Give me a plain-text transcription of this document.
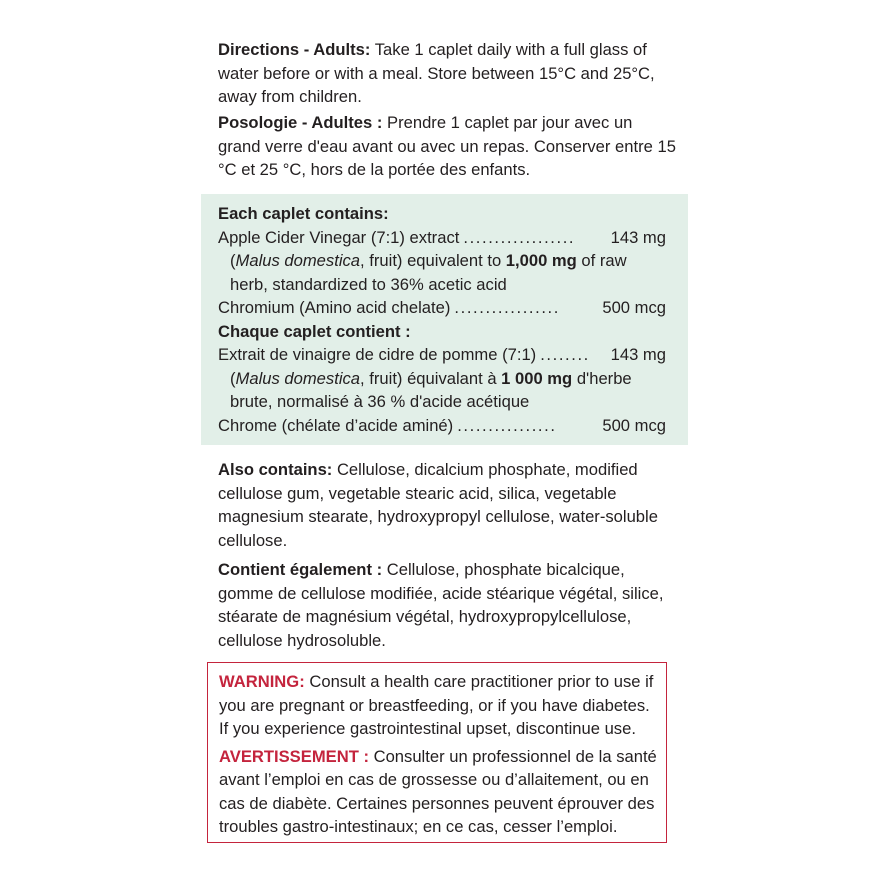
Directions - Adults: Take 1 caplet daily with a full glass of water before or with a meal. Store between 15°C and 25°C, away from children.

Posologie - Adultes : Prendre 1 caplet par jour avec un grand verre d'eau avant ou avec un repas. Conserver entre 15 °C et 25 °C, hors de la portée des enfants.

Each caplet contains:
Apple Cider Vinegar (7:1) extract ..................	143 mg
(Malus domestica, fruit) equivalent to 1,000 mg of raw herb, standardized to 36% acetic acid
Chromium (Amino acid chelate) .................	500 mcg
Chaque caplet contient :
Extrait de vinaigre de cidre de pomme (7:1) ........	143 mg
(Malus domestica, fruit) équivalant à 1 000 mg d'herbe brute, normalisé à 36 % d'acide acétique
Chrome (chélate d’acide aminé) ................	500 mcg

Also contains: Cellulose, dicalcium phosphate, modified cellulose gum, vegetable stearic acid, silica, vegetable magnesium stearate, hydroxypropyl cellulose, water-soluble cellulose.

Contient également : Cellulose, phosphate bicalcique, gomme de cellulose modifiée, acide stéarique végétal, silice, stéarate de magnésium végétal, hydroxypropylcellulose, cellulose hydrosoluble.

WARNING: Consult a health care practitioner prior to use if you are pregnant or breastfeeding, or if you have diabetes. If you experience gastrointestinal upset, discontinue use.
AVERTISSEMENT : Consulter un professionnel de la santé avant l’emploi en cas de grossesse ou d’allaitement, ou en cas de diabète. Certaines personnes peuvent éprouver des troubles gastro-intestinaux; en ce cas, cesser l’emploi.
